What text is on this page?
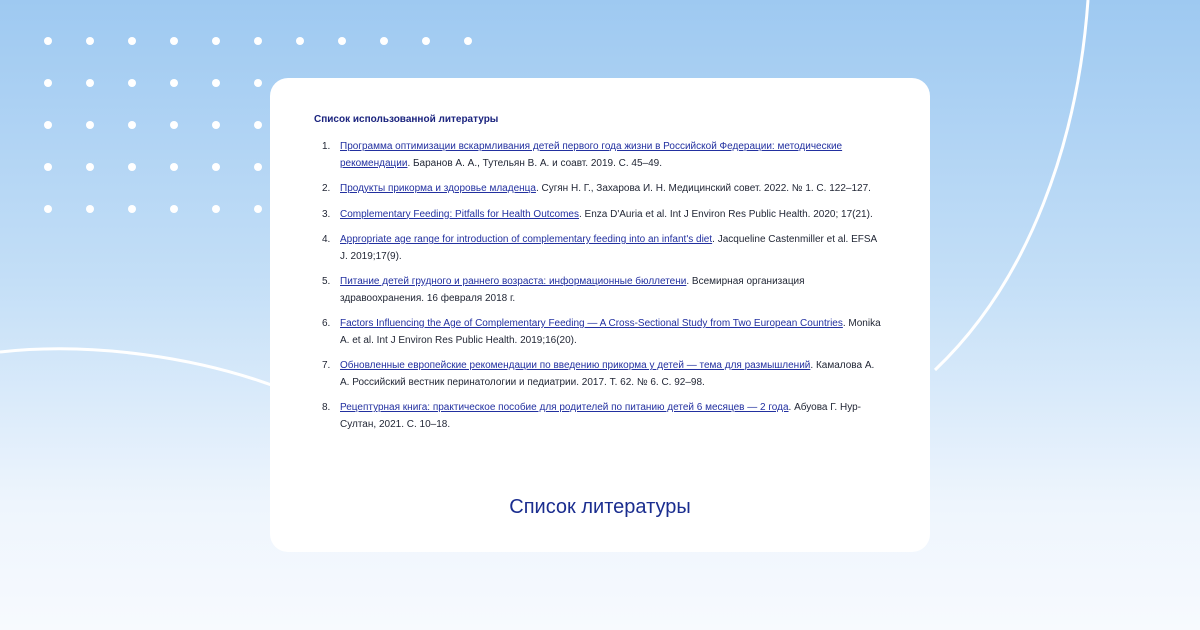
Список использованной литературы
1. Программа оптимизации вскармливания детей первого года жизни в Российской Федерации: методические рекомендации. Баранов А. А., Тутельян В. А. и соавт. 2019. С. 45–49.
2. Продукты прикорма и здоровье младенца. Сугян Н. Г., Захарова И. Н. Медицинский совет. 2022. № 1. С. 122–127.
3. Complementary Feeding: Pitfalls for Health Outcomes. Enza D'Auria et al. Int J Environ Res Public Health. 2020; 17(21).
4. Appropriate age range for introduction of complementary feeding into an infant's diet. Jacqueline Castenmiller et al. EFSA J. 2019;17(9).
5. Питание детей грудного и раннего возраста: информационные бюллетени. Всемирная организация здравоохранения. 16 февраля 2018 г.
6. Factors Influencing the Age of Complementary Feeding — A Cross-Sectional Study from Two European Countries. Monika A. et al. Int J Environ Res Public Health. 2019;16(20).
7. Обновленные европейские рекомендации по введению прикорма у детей — тема для размышлений. Камалова А. А. Российский вестник перинатологии и педиатрии. 2017. Т. 62. № 6. С. 92–98.
8. Рецептурная книга: практическое пособие для родителей по питанию детей 6 месяцев — 2 года. Абуова Г. Нур-Султан, 2021. С. 10–18.

Список литературы
